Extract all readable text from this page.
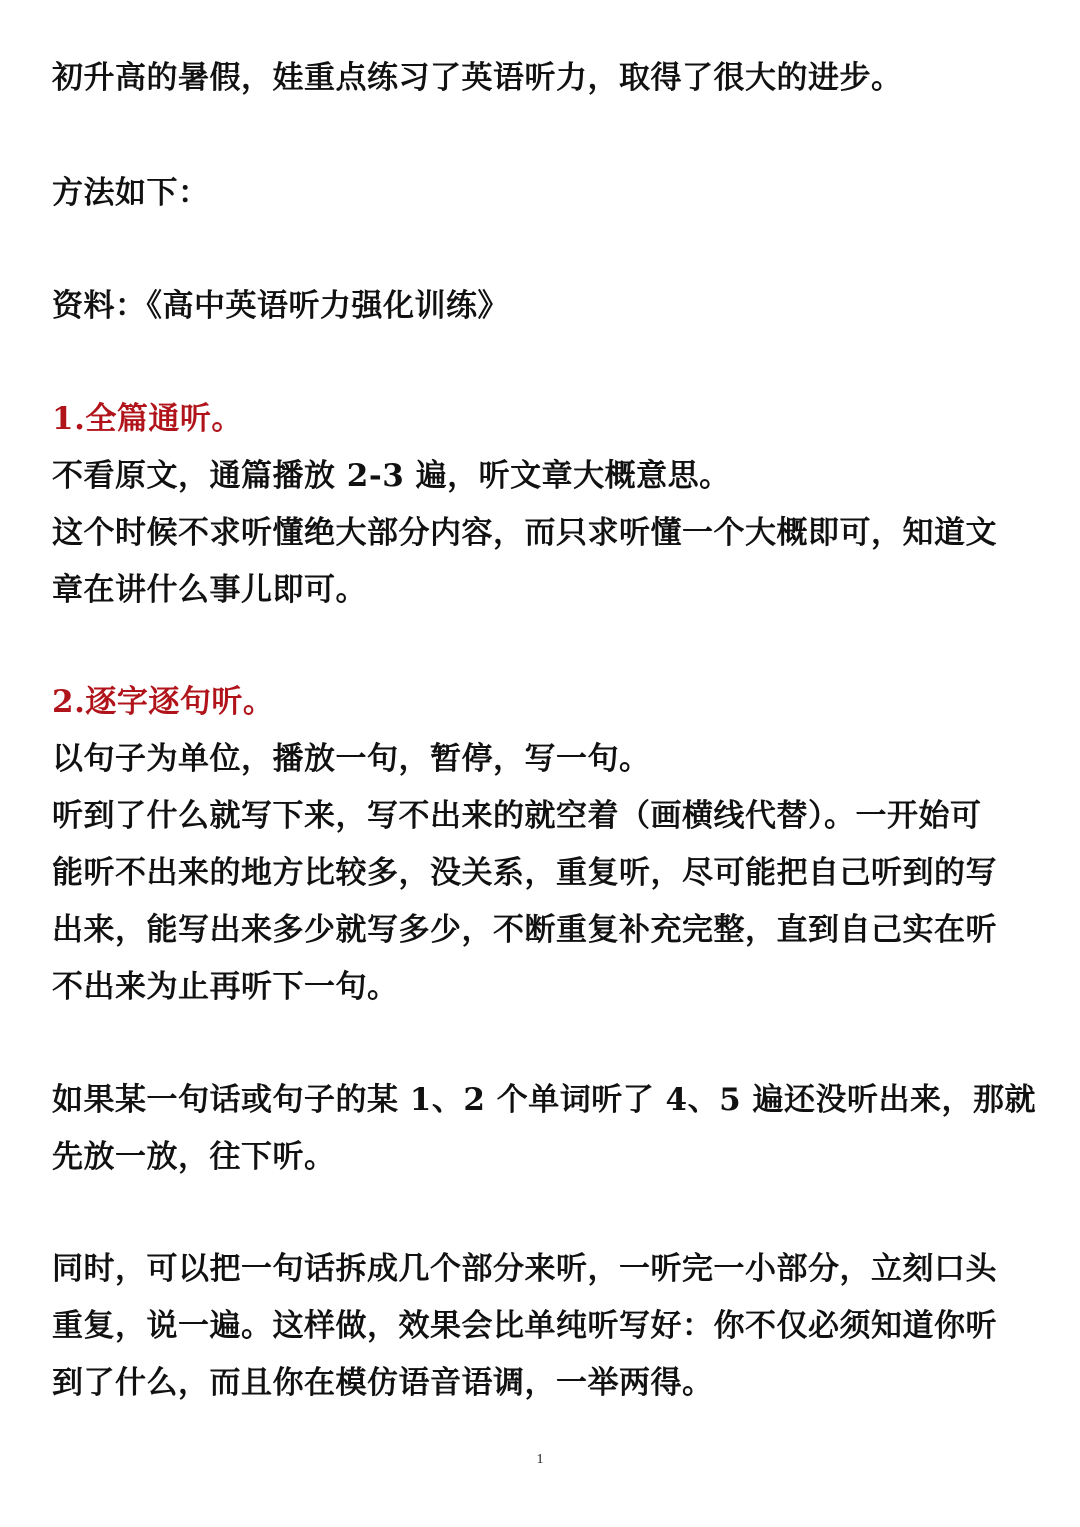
初升高的暑假，娃重点练习了英语听力，取得了很大的进步。
方法如下：
资料：《高中英语听力强化训练》
1.全篇通听。
不看原文，通篇播放 2-3 遍，听文章大概意思。
这个时候不求听懂绝大部分内容，而只求听懂一个大概即可，知道文
章在讲什么事儿即可。
2.逐字逐句听。
以句子为单位，播放一句，暂停，写一句。
听到了什么就写下来，写不出来的就空着（画横线代替）。一开始可
能听不出来的地方比较多，没关系，重复听，尽可能把自己听到的写
出来，能写出来多少就写多少，不断重复补充完整，直到自己实在听
不出来为止再听下一句。
如果某一句话或句子的某 1、2 个单词听了 4、5 遍还没听出来，那就
先放一放，往下听。
同时，可以把一句话拆成几个部分来听，一听完一小部分，立刻口头
重复，说一遍。这样做，效果会比单纯听写好：你不仅必须知道你听
到了什么，而且你在模仿语音语调，一举两得。
1
